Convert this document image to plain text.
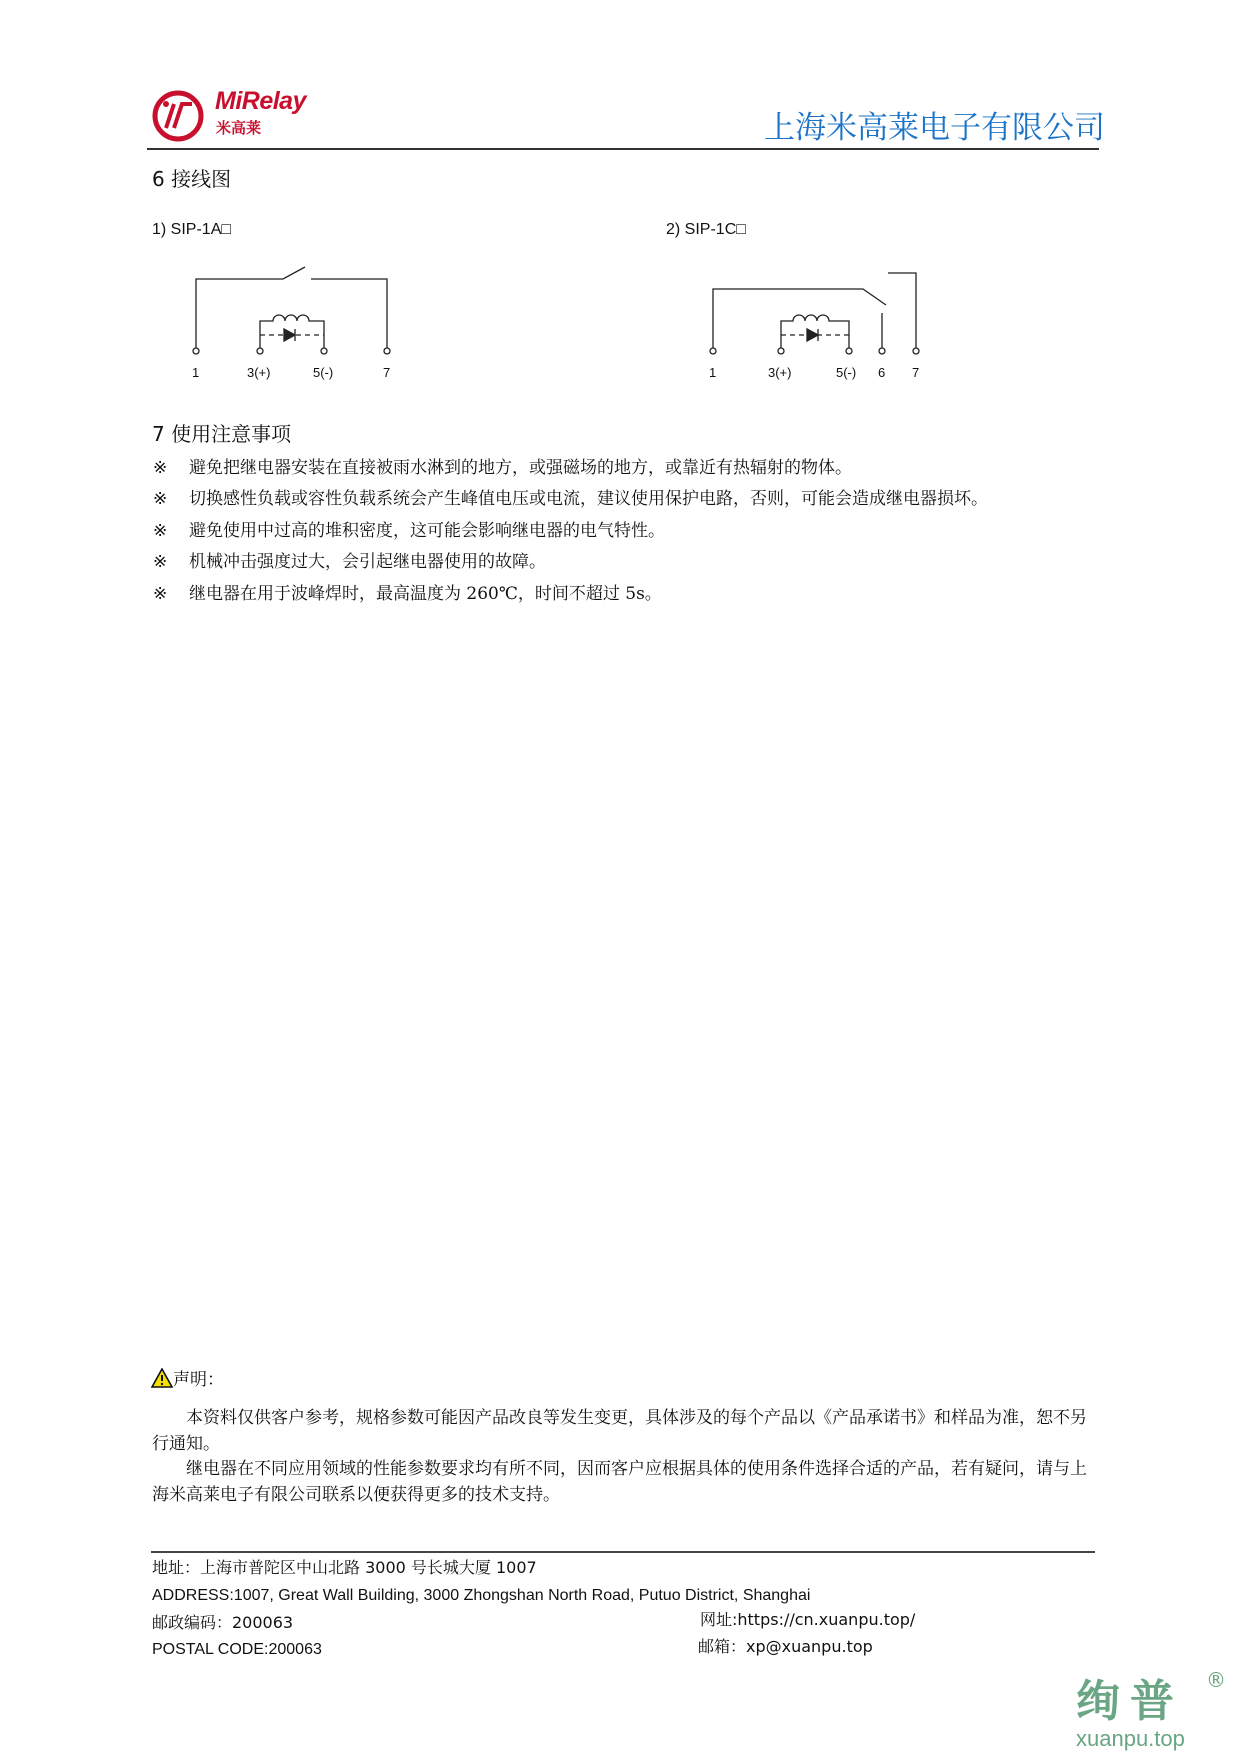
MiRelay
米高莱	上海米高莱电子有限公司
6 接线图
1) SIP-1A□	2) SIP-1C□
1	3(+)	5(-)	7	1	3(+)	5(-) 6 7
7 使用注意事项
※ 避免把继电器安装在直接被雨水淋到的地方，或强磁场的地方，或靠近有热辐射的物体。
※ 切换感性负载或容性负载系统会产生峰值电压或电流，建议使用保护电路，否则，可能会造成继电器损坏。
※ 避免使用中过高的堆积密度，这可能会影响继电器的电气特性。
※ 机械冲击强度过大，会引起继电器使用的故障。
※ 继电器在用于波峰焊时，最高温度为 260℃，时间不超过 5s。
声明：

本资料仅供客户参考，规格参数可能因产品改良等发生变更，具体涉及的每个产品以《产品承诺书》和样品为准，恕不另行通知。

继电器在不同应用领域的性能参数要求均有所不同，因而客户应根据具体的使用条件选择合适的产品，若有疑问，请与上海米高莱电子有限公司联系以便获得更多的技术支持。

地址：上海市普陀区中山北路 3000 号长城大厦 1007
ADDRESS:1007, Great Wall Building, 3000 Zhongshan North Road, Putuo District, Shanghai
邮政编码：200063
POSTAL CODE:200063
网址:https://cn.xuanpu.top/
邮箱：xp@xuanpu.top
绚普 ®
xuanpu.top
